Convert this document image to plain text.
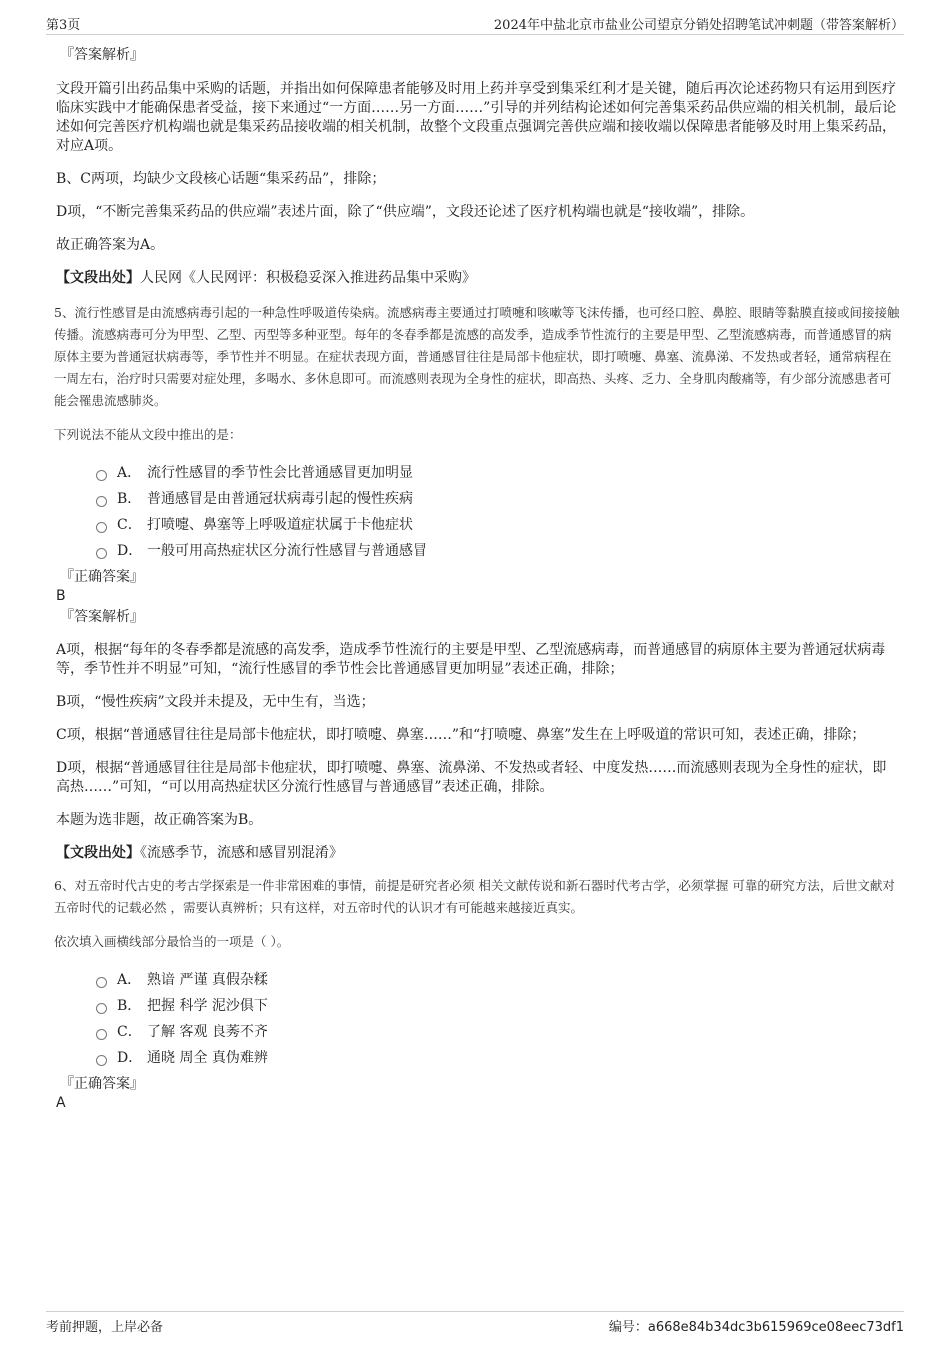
第3页	2024年中盐北京市盐业公司望京分销处招聘笔试冲刺题（带答案解析）
『答案解析』

文段开篇引出药品集中采购的话题，并指出如何保障患者能够及时用上药并享受到集采红利才是关键，随后再次论述药物只有运用到医疗临床实践中才能确保患者受益，接下来通过“一方面……另一方面……”引导的并列结构论述如何完善集采药品供应端的相关机制，最后论述如何完善医疗机构端也就是集采药品接收端的相关机制，故整个文段重点强调完善供应端和接收端以保障患者能够及时用上集采药品，对应A项。

B、C两项，均缺少文段核心话题“集采药品”，排除；

D项，“不断完善集采药品的供应端”表述片面，除了“供应端”，文段还论述了医疗机构端也就是“接收端”，排除。

故正确答案为A。

【文段出处】人民网《人民网评：积极稳妥深入推进药品集中采购》

5、流行性感冒是由流感病毒引起的一种急性呼吸道传染病。流感病毒主要通过打喷嚏和咳嗽等飞沫传播，也可经口腔、鼻腔、眼睛等黏膜直接或间接接触传播。流感病毒可分为甲型、乙型、丙型等多种亚型。每年的冬春季都是流感的高发季，造成季节性流行的主要是甲型、乙型流感病毒，而普通感冒的病原体主要为普通冠状病毒等，季节性并不明显。在症状表现方面，普通感冒往往是局部卡他症状，即打喷嚏、鼻塞、流鼻涕、不发热或者轻，通常病程在一周左右，治疗时只需要对症处理，多喝水、多休息即可。而流感则表现为全身性的症状，即高热、头疼、乏力、全身肌肉酸痛等，有少部分流感患者可能会罹患流感肺炎。

下列说法不能从文段中推出的是：

A． 流行性感冒的季节性会比普通感冒更加明显
B． 普通感冒是由普通冠状病毒引起的慢性疾病
C． 打喷嚏、鼻塞等上呼吸道症状属于卡他症状
D． 一般可用高热症状区分流行性感冒与普通感冒
『正确答案』
B
『答案解析』

A项，根据“每年的冬春季都是流感的高发季，造成季节性流行的主要是甲型、乙型流感病毒，而普通感冒的病原体主要为普通冠状病毒等，季节性并不明显”可知，“流行性感冒的季节性会比普通感冒更加明显”表述正确，排除；

B项，“慢性疾病”文段并未提及，无中生有，当选；

C项，根据“普通感冒往往是局部卡他症状，即打喷嚏、鼻塞……”和“打喷嚏、鼻塞”发生在上呼吸道的常识可知，表述正确，排除；

D项，根据“普通感冒往往是局部卡他症状，即打喷嚏、鼻塞、流鼻涕、不发热或者轻、中度发热……而流感则表现为全身性的症状，即高热……”可知，“可以用高热症状区分流行性感冒与普通感冒”表述正确，排除。

本题为选非题，故正确答案为B。

【文段出处】《流感季节，流感和感冒别混淆》

6、对五帝时代古史的考古学探索是一件非常困难的事情，前提是研究者必须 相关文献传说和新石器时代考古学，必须掌握 可靠的研究方法，后世文献对五帝时代的记载必然 ，需要认真辨析；只有这样，对五帝时代的认识才有可能越来越接近真实。

依次填入画横线部分最恰当的一项是（ ）。

A． 熟谙 严谨 真假杂糅
B． 把握 科学 泥沙俱下
C． 了解 客观 良莠不齐
D． 通晓 周全 真伪难辨
『正确答案』
A
考前押题，上岸必备	编号：a668e84b34dc3b615969ce08eec73df1
